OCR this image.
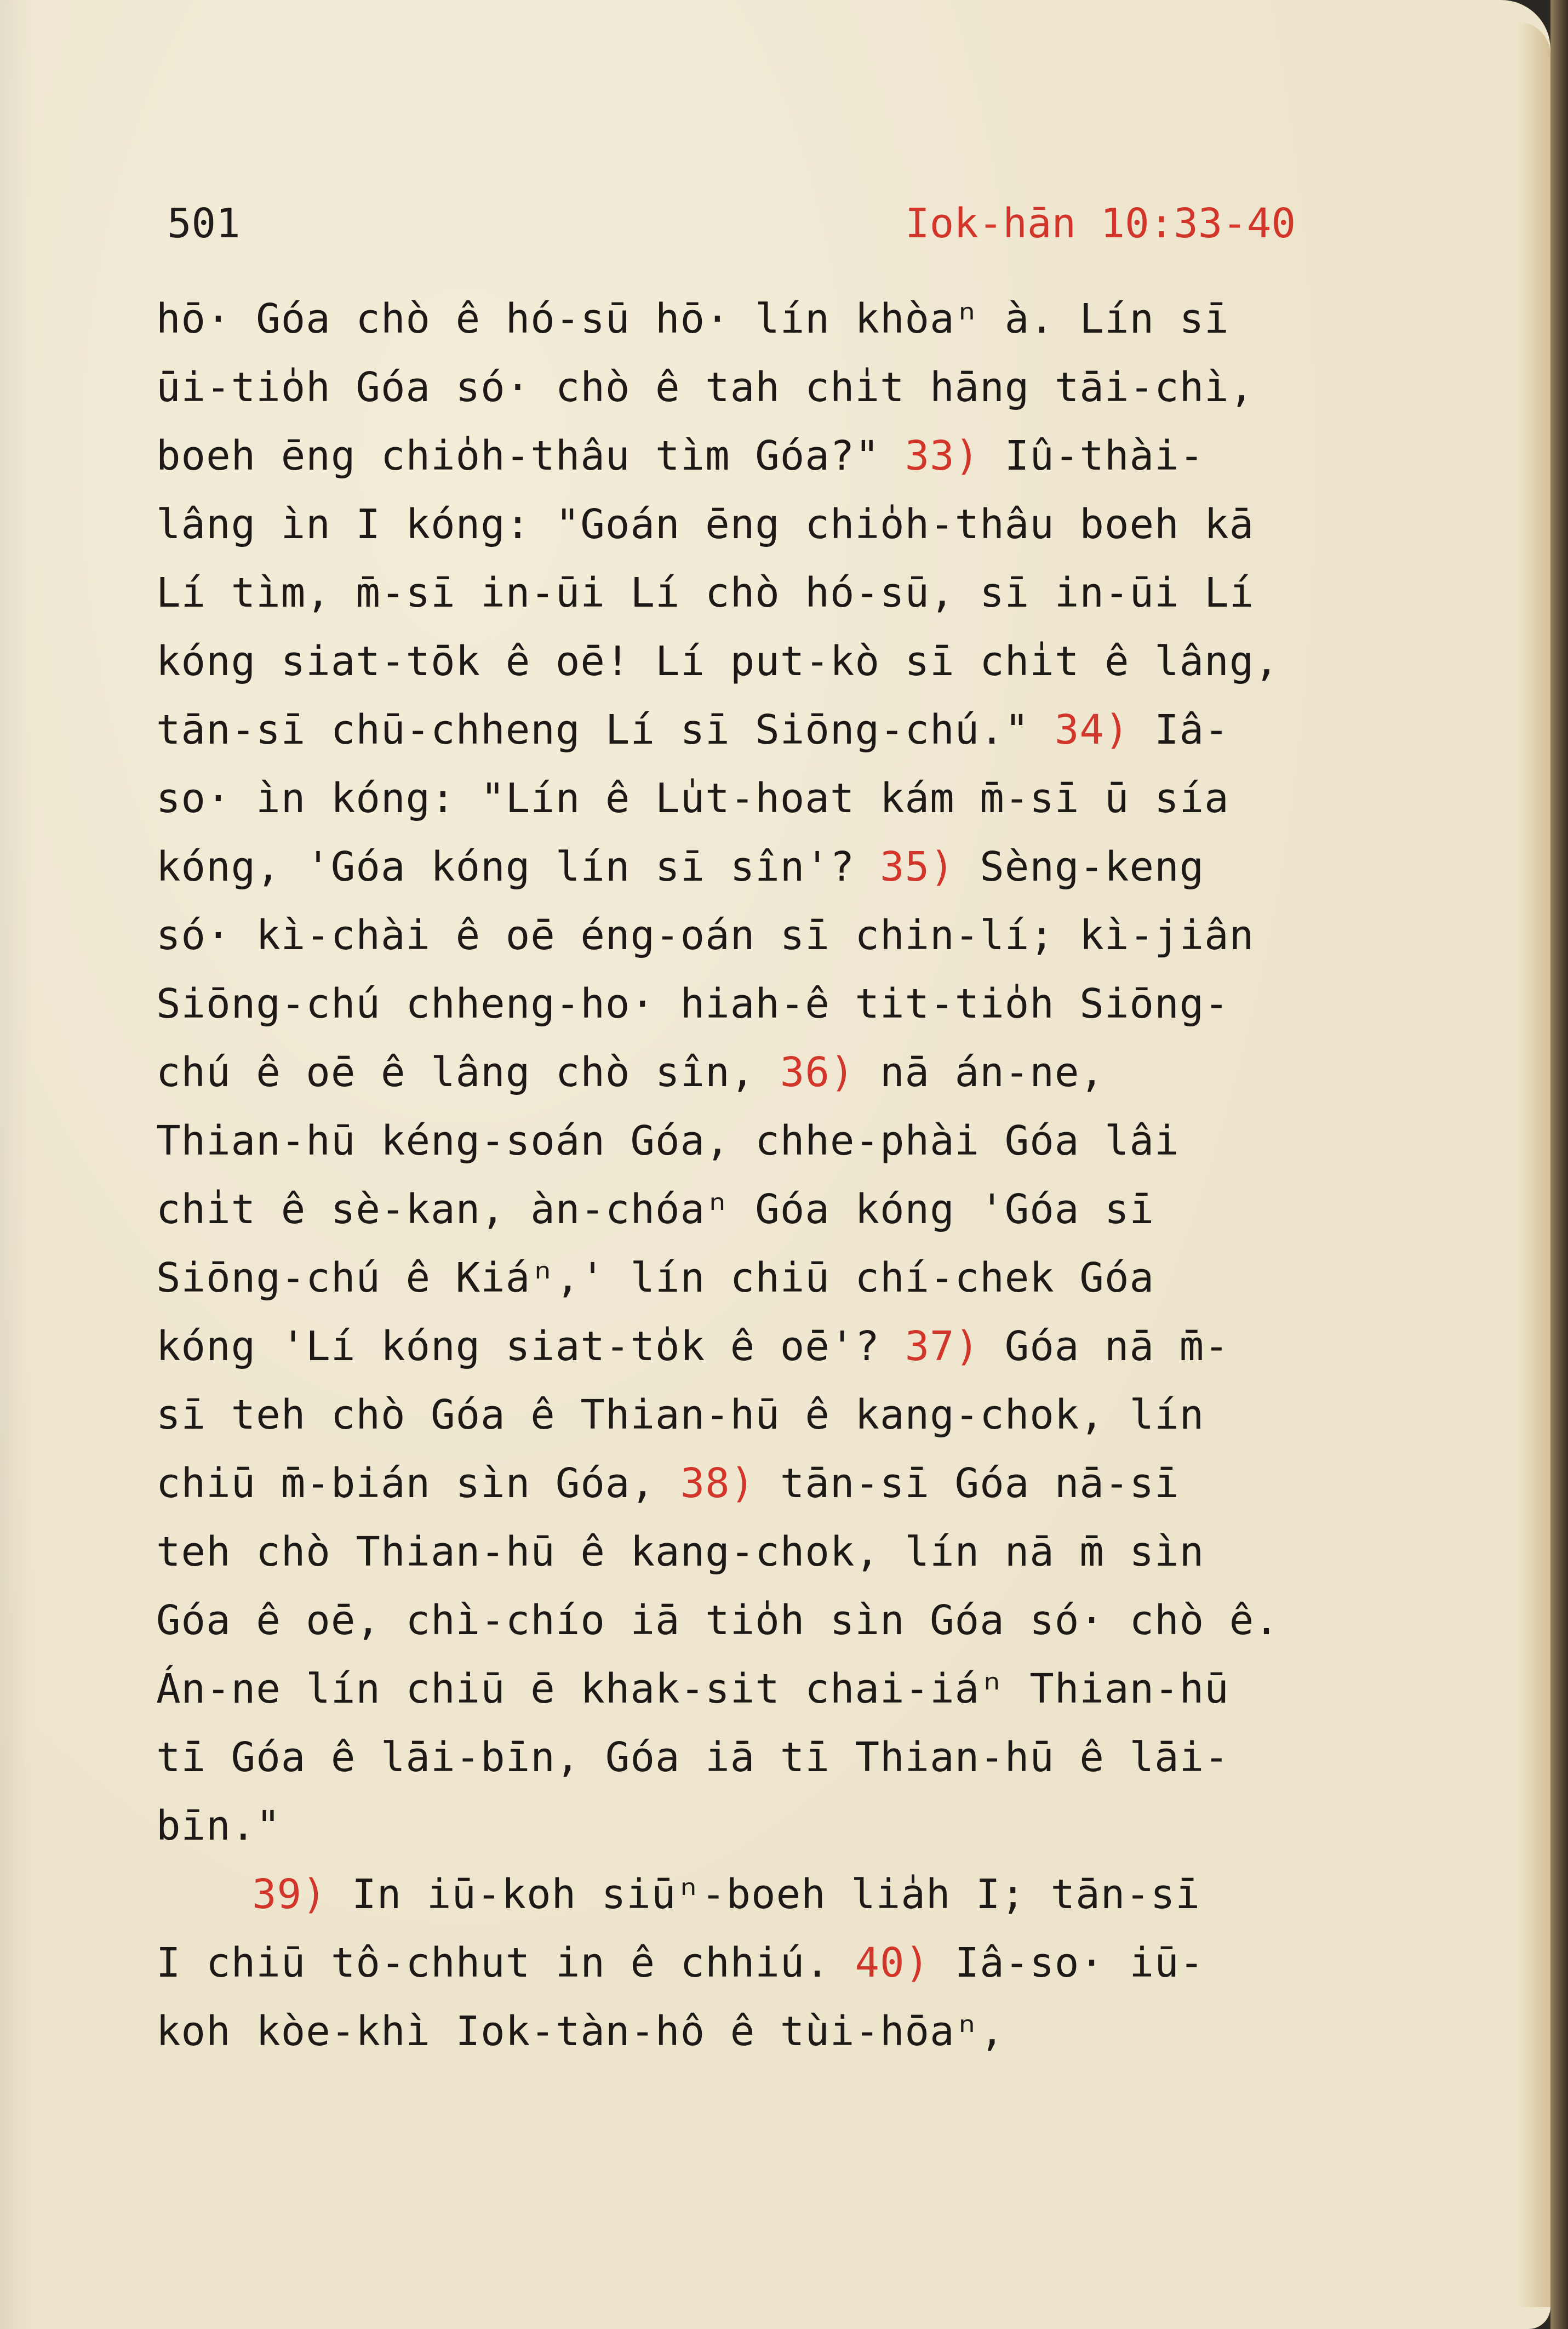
501	Iok-hān 10:33-40
hō· Góa chò ê hó-sū hō· lín khòaⁿ à. Lín sī
ūi-tio̍h Góa só· chò ê tah chi̍t hāng tāi-chì,
boeh ēng chio̍h-thâu tìm Góa?" 33) Iû-thài-
lâng ìn I kóng: "Goán ēng chio̍h-thâu boeh kā
Lí tìm, m̄-sī in-ūi Lí chò hó-sū, sī in-ūi Lí
kóng siat-tōk ê oē! Lí put-kò sī chi̍t ê lâng,
tān-sī chū-chheng Lí sī Siōng-chú." 34) Iâ-
so· ìn kóng: "Lín ê Lu̍t-hoat kám m̄-sī ū sía
kóng, 'Góa kóng lín sī sîn'? 35) Sèng-keng
só· kì-chài ê oē éng-oán sī chin-lí; kì-jiân
Siōng-chú chheng-ho· hiah-ê tit-tio̍h Siōng-
chú ê oē ê lâng chò sîn, 36) nā án-ne,
Thian-hū kéng-soán Góa, chhe-phài Góa lâi
chi̍t ê sè-kan, àn-chóaⁿ Góa kóng 'Góa sī
Siōng-chú ê Kiáⁿ,' lín chiū chí-chek Góa
kóng 'Lí kóng siat-to̍k ê oē'? 37) Góa nā m̄-
sī teh chò Góa ê Thian-hū ê kang-chok, lín
chiū m̄-bián sìn Góa, 38) tān-sī Góa nā-sī
teh chò Thian-hū ê kang-chok, lín nā m̄ sìn
Góa ê oē, chì-chío iā tio̍h sìn Góa só· chò ê.
Án-ne lín chiū ē khak-sit chai-iáⁿ Thian-hū
tī Góa ê lāi-bīn, Góa iā tī Thian-hū ê lāi-
bīn."
39) In iū-koh siūⁿ-boeh lia̍h I; tān-sī
I chiū tô-chhut in ê chhiú. 40) Iâ-so· iū-
koh kòe-khì Iok-tàn-hô ê tùi-hōaⁿ,
